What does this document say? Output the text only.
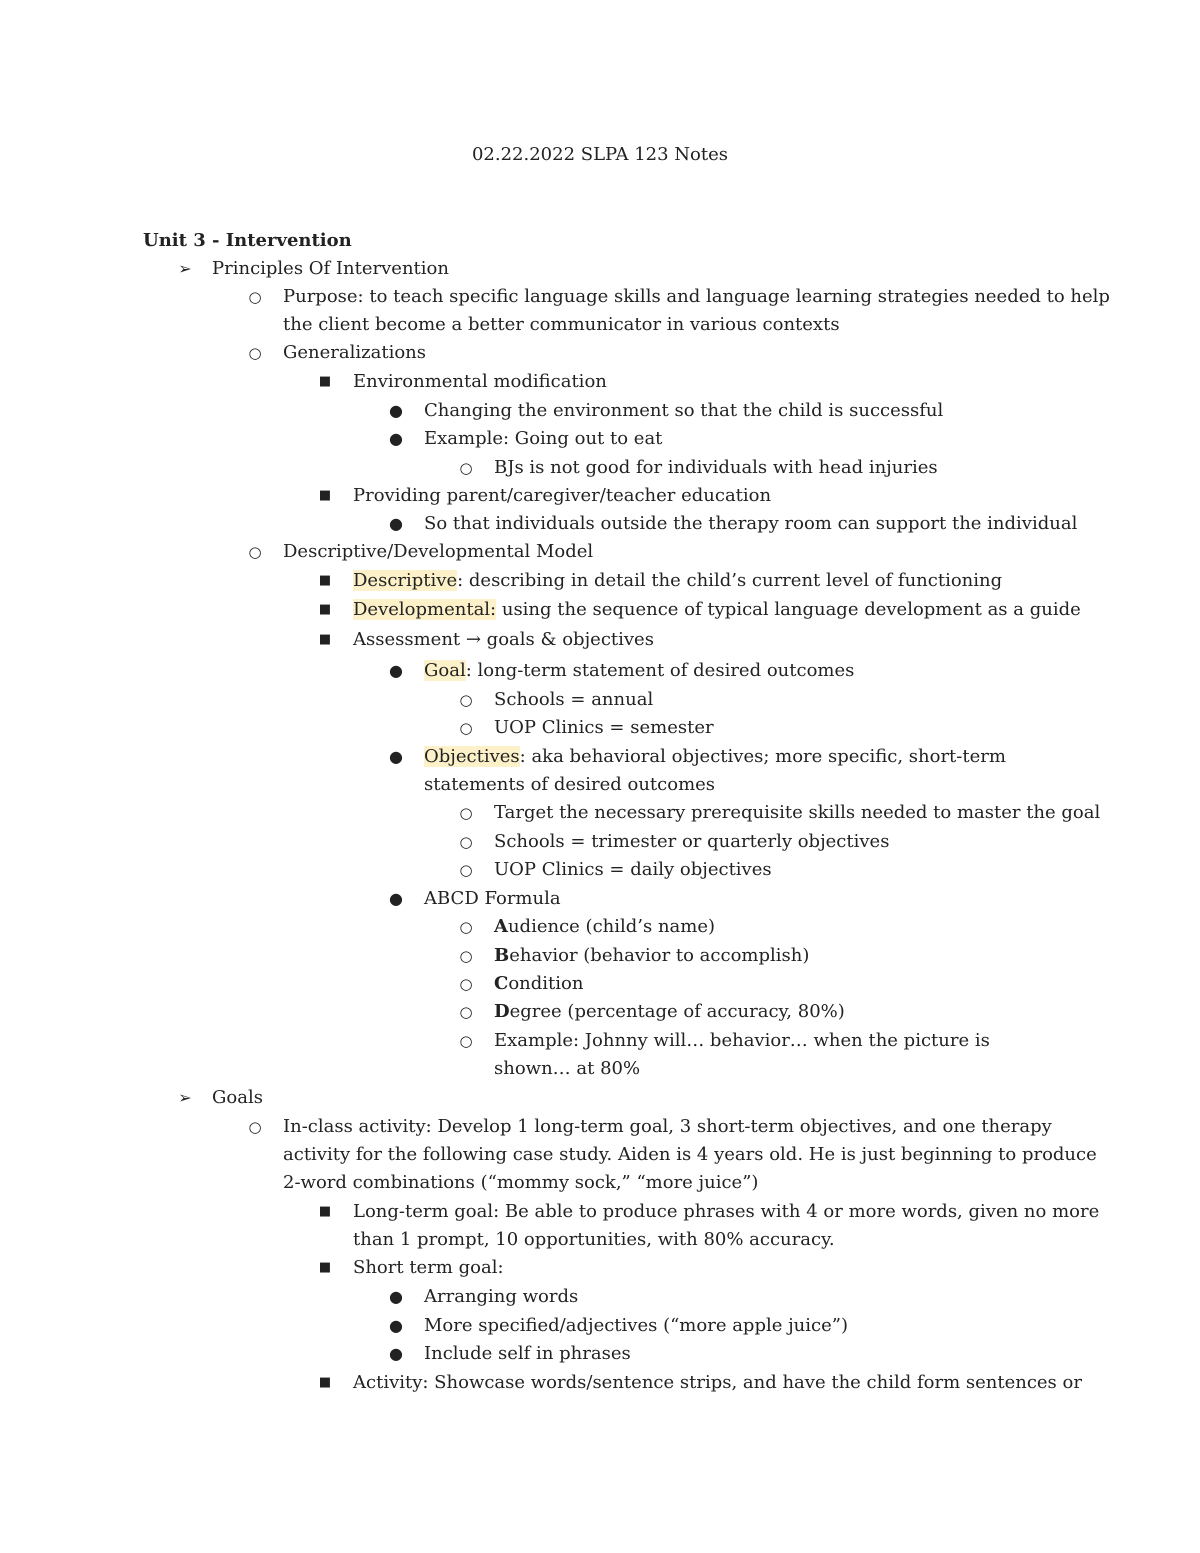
02.22.2022 SLPA 123 Notes
Unit 3 - Intervention
➢ Principles Of Intervention
○ Purpose: to teach specific language skills and language learning strategies needed to help
the client become a better communicator in various contexts
○ Generalizations
■ Environmental modification
● Changing the environment so that the child is successful
● Example: Going out to eat
○ BJs is not good for individuals with head injuries
■ Providing parent/caregiver/teacher education
● So that individuals outside the therapy room can support the individual
○ Descriptive/Developmental Model
■ Descriptive: describing in detail the child’s current level of functioning
■ Developmental: using the sequence of typical language development as a guide
■ Assessment → goals & objectives
● Goal: long-term statement of desired outcomes
○ Schools = annual
○ UOP Clinics = semester
● Objectives: aka behavioral objectives; more specific, short-term
statements of desired outcomes
○ Target the necessary prerequisite skills needed to master the goal
○ Schools = trimester or quarterly objectives
○ UOP Clinics = daily objectives
● ABCD Formula
○ Audience (child’s name)
○ Behavior (behavior to accomplish)
○ Condition
○ Degree (percentage of accuracy, 80%)
○ Example: Johnny will… behavior… when the picture is
shown… at 80%
➢ Goals
○ In-class activity: Develop 1 long-term goal, 3 short-term objectives, and one therapy
activity for the following case study. Aiden is 4 years old. He is just beginning to produce
2-word combinations (“mommy sock,” “more juice”)
■ Long-term goal: Be able to produce phrases with 4 or more words, given no more
than 1 prompt, 10 opportunities, with 80% accuracy.
■ Short term goal:
● Arranging words
● More specified/adjectives (“more apple juice”)
● Include self in phrases
■ Activity: Showcase words/sentence strips, and have the child form sentences or
